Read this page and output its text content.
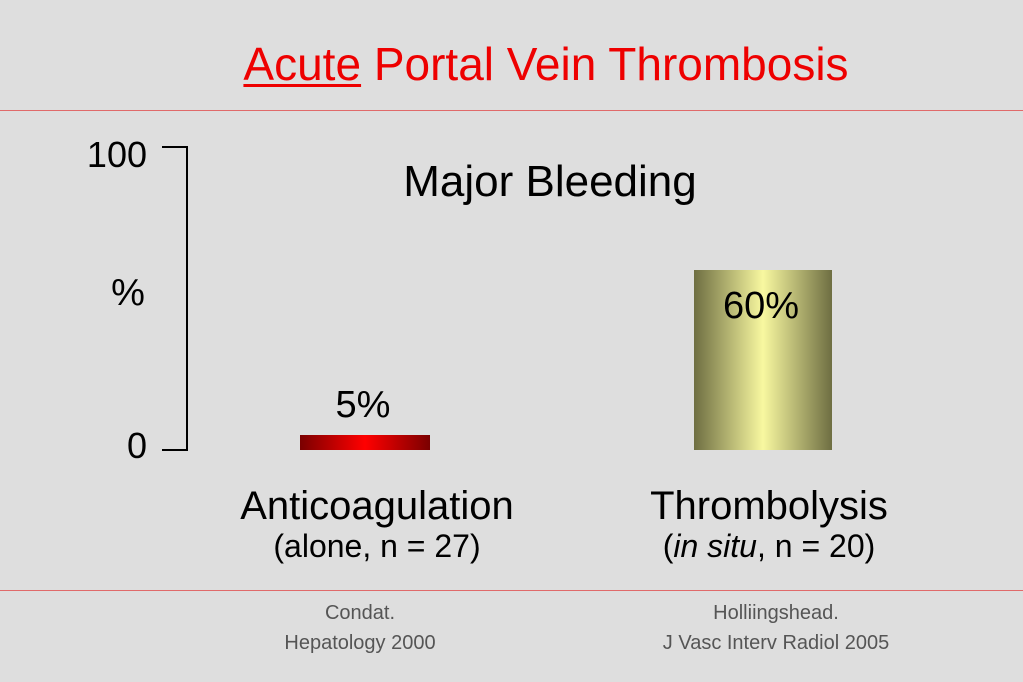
Acute Portal Vein Thrombosis
100
0
%
Major Bleeding
5%
60%
Anticoagulation
(alone, n = 27)
Thrombolysis
(in situ, n = 20)
Condat.
Hepatology 2000
Holliingshead.
J Vasc Interv Radiol 2005
